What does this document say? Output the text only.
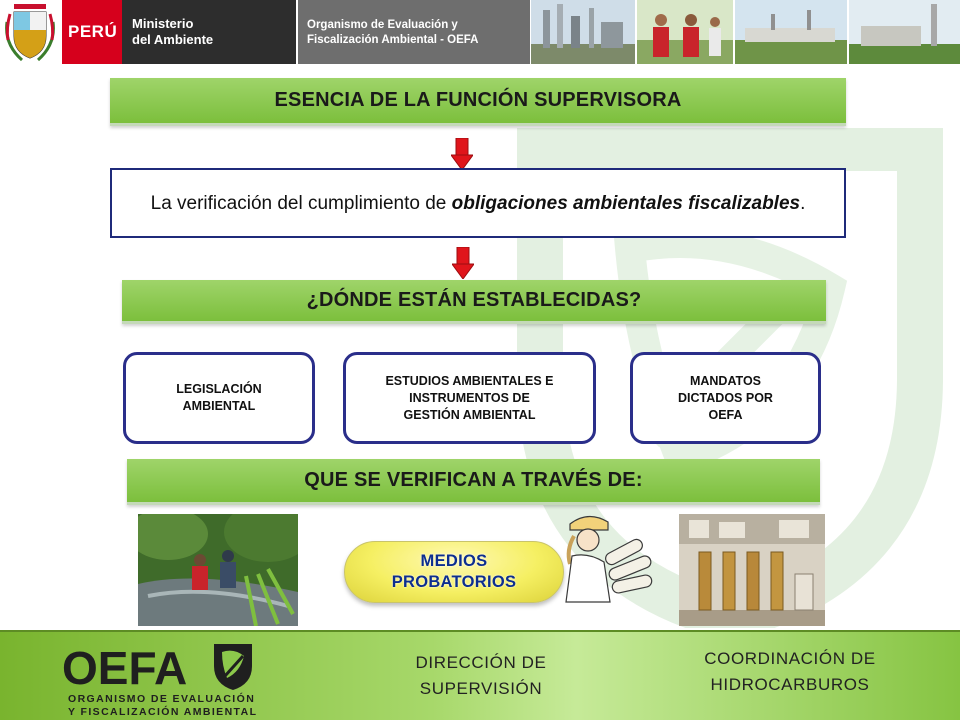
PERÚ Ministerio
del Ambiente
Organismo de Evaluación y
Fiscalización Ambiental - OEFA
ESENCIA DE LA FUNCIÓN SUPERVISORA

La verificación del cumplimiento de obligaciones ambientales fiscalizables.

¿DÓNDE ESTÁN ESTABLECIDAS?
LEGISLACIÓN
AMBIENTAL
ESTUDIOS AMBIENTALES E
INSTRUMENTOS DE
GESTIÓN AMBIENTAL
MANDATOS
DICTADOS POR
OEFA
QUE SE VERIFICAN A TRAVÉS DE:
MEDIOS
PROBATORIOS
OEFA
ORGANISMO DE EVALUACIÓN
Y FISCALIZACIÓN AMBIENTAL
DIRECCIÓN DE
SUPERVISIÓN
COORDINACIÓN DE
HIDROCARBUROS
